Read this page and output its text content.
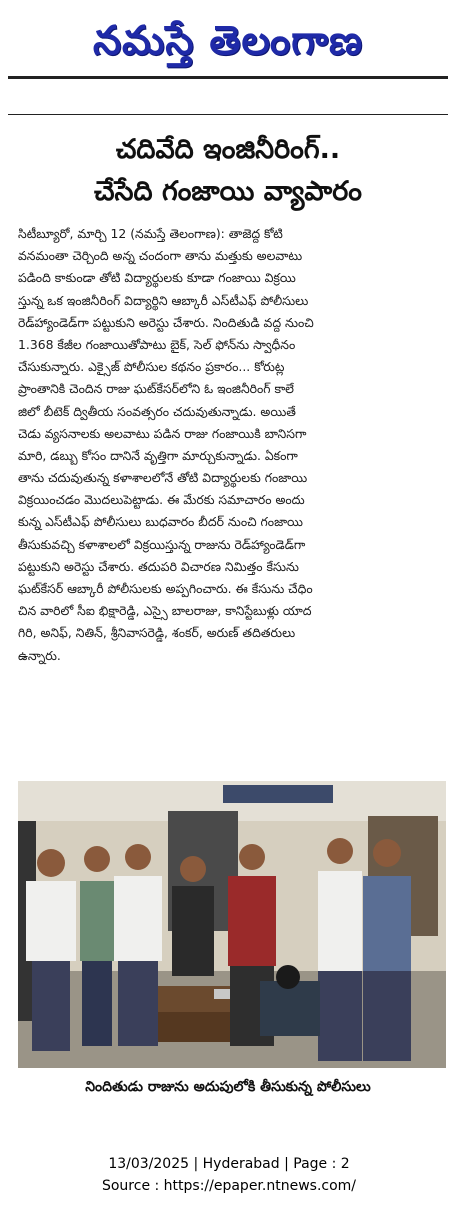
నమస్తే తెలంగాణ
చదివేది ఇంజినీరింగ్..
చేసేది గంజాయి వ్యాపారం
సిటీబ్యూరో, మార్చి 12 (నమస్తే తెలంగాణ): తాజెద్ద కోటి
వనమంతా చెర్చింది అన్న చందంగా తాను మత్తుకు అలవాటు
పడింది కాకుండా తోటి విద్యార్థులకు కూడా గంజాయి విక్రయి
స్తున్న ఒక ఇంజినీరింగ్ విద్యార్థిని ఆబ్కారీ ఎస్‌టీఎఫ్ పోలీసులు
రెడ్‌హ్యాండెడ్‌గా పట్టుకుని అరెస్టు చేశారు. నిందితుడి వద్ద నుంచి
1.368 కేజీల గంజాయితోపాటు బైక్, సెల్ ఫోన్‌ను స్వాధీనం
చేసుకున్నారు. ఎక్సైజ్ పోలీసుల కథనం ప్రకారం... కోరుట్ల
ప్రాంతానికి చెందిన రాజు ఘట్‌కేసర్‌లోని ఓ ఇంజినీరింగ్ కాలే
జిలో బీటెక్ ద్వితీయ సంవత్సరం చదువుతున్నాడు. అయితే
చెడు వ్యసనాలకు అలవాటు పడిన రాజు గంజాయికి బానిసగా
మారి, డబ్బు కోసం దానినే వృత్తిగా మార్చుకున్నాడు. ఏకంగా
తాను చదువుతున్న కళాశాలలోనే తోటి విద్యార్థులకు గంజాయి
విక్రయించడం మొదలుపెట్టాడు. ఈ మేరకు సమాచారం అందు
కున్న ఎస్‌టీఎఫ్ పోలీసులు బుధవారం బీదర్ నుంచి గంజాయి
తీసుకువచ్చి కళాశాలలో విక్రయిస్తున్న రాజును రెడ్‌హ్యాండెడ్‌గా
పట్టుకుని అరెస్టు చేశారు. తదుపరి విచారణ నిమిత్తం కేసును
ఘట్‌కేసర్ ఆబ్కారీ పోలీసులకు అప్పగించారు. ఈ కేసును చేధిం
చిన వారిలో సీఐ భిక్షారెడ్డి, ఎస్సై బాలరాజు, కానిస్టేబుళ్లు యాద
గిరి, అనిఫ్, నితిన్, శ్రీనివాసరెడ్డి, శంకర్, అరుణ్ తదితరులు
ఉన్నారు.
నిందితుడు రాజును అదుపులోకి తీసుకున్న పోలీసులు
13/03/2025 | Hyderabad | Page : 2
Source : https://epaper.ntnews.com/
